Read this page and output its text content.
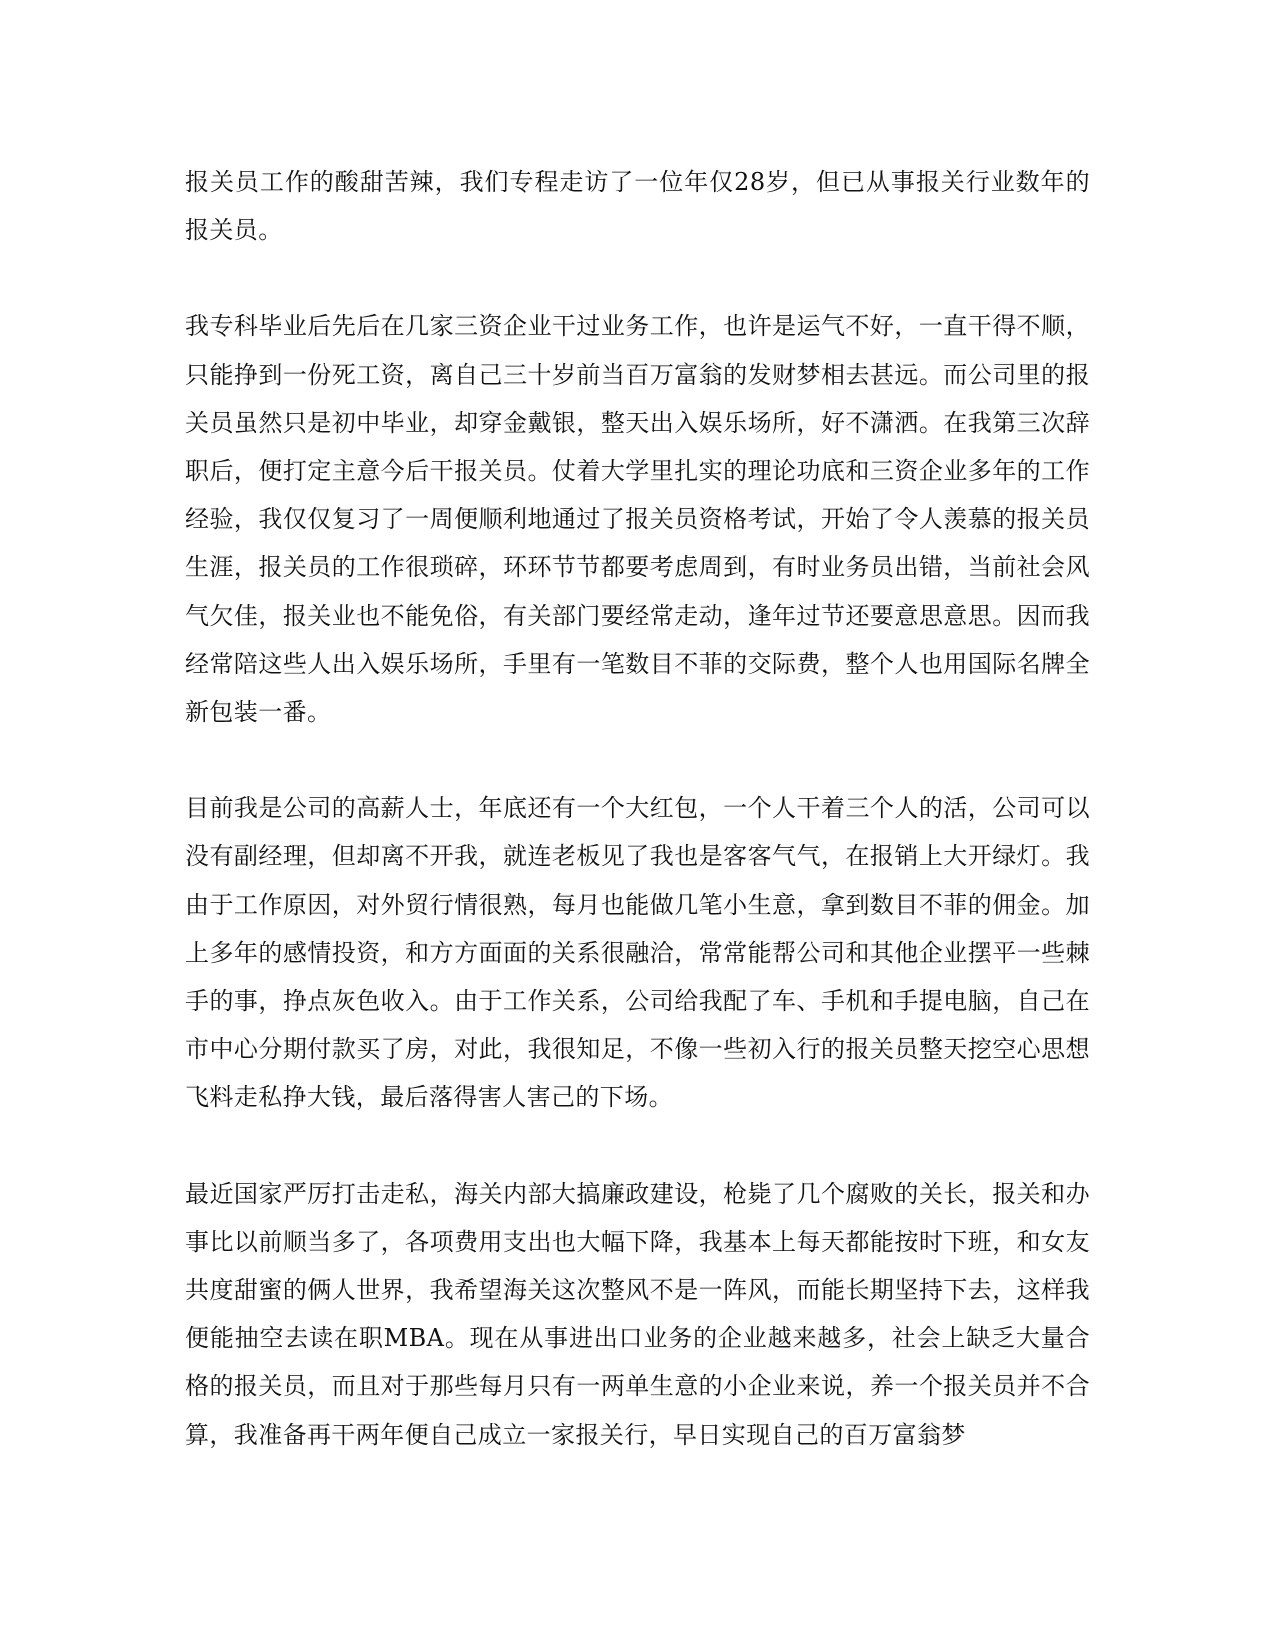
报关员工作的酸甜苦辣，我们专程走访了一位年仅28岁，但已从事报关行业数年的报关员。

我专科毕业后先后在几家三资企业干过业务工作，也许是运气不好，一直干得不顺，只能挣到一份死工资，离自己三十岁前当百万富翁的发财梦相去甚远。而公司里的报关员虽然只是初中毕业，却穿金戴银，整天出入娱乐场所，好不潇洒。在我第三次辞职后，便打定主意今后干报关员。仗着大学里扎实的理论功底和三资企业多年的工作经验，我仅仅复习了一周便顺利地通过了报关员资格考试，开始了令人羡慕的报关员生涯，报关员的工作很琐碎，环环节节都要考虑周到，有时业务员出错，当前社会风气欠佳，报关业也不能免俗，有关部门要经常走动，逢年过节还要意思意思。因而我经常陪这些人出入娱乐场所，手里有一笔数目不菲的交际费，整个人也用国际名牌全新包装一番。

目前我是公司的高薪人士，年底还有一个大红包，一个人干着三个人的活，公司可以没有副经理，但却离不开我，就连老板见了我也是客客气气，在报销上大开绿灯。我由于工作原因，对外贸行情很熟，每月也能做几笔小生意，拿到数目不菲的佣金。加上多年的感情投资，和方方面面的关系很融洽，常常能帮公司和其他企业摆平一些棘手的事，挣点灰色收入。由于工作关系，公司给我配了车、手机和手提电脑，自己在市中心分期付款买了房，对此，我很知足，不像一些初入行的报关员整天挖空心思想飞料走私挣大钱，最后落得害人害己的下场。

最近国家严厉打击走私，海关内部大搞廉政建设，枪毙了几个腐败的关长，报关和办事比以前顺当多了，各项费用支出也大幅下降，我基本上每天都能按时下班，和女友共度甜蜜的俩人世界，我希望海关这次整风不是一阵风，而能长期坚持下去，这样我便能抽空去读在职MBA。现在从事进出口业务的企业越来越多，社会上缺乏大量合格的报关员，而且对于那些每月只有一两单生意的小企业来说，养一个报关员并不合算，我准备再干两年便自己成立一家报关行，早日实现自己的百万富翁梦
